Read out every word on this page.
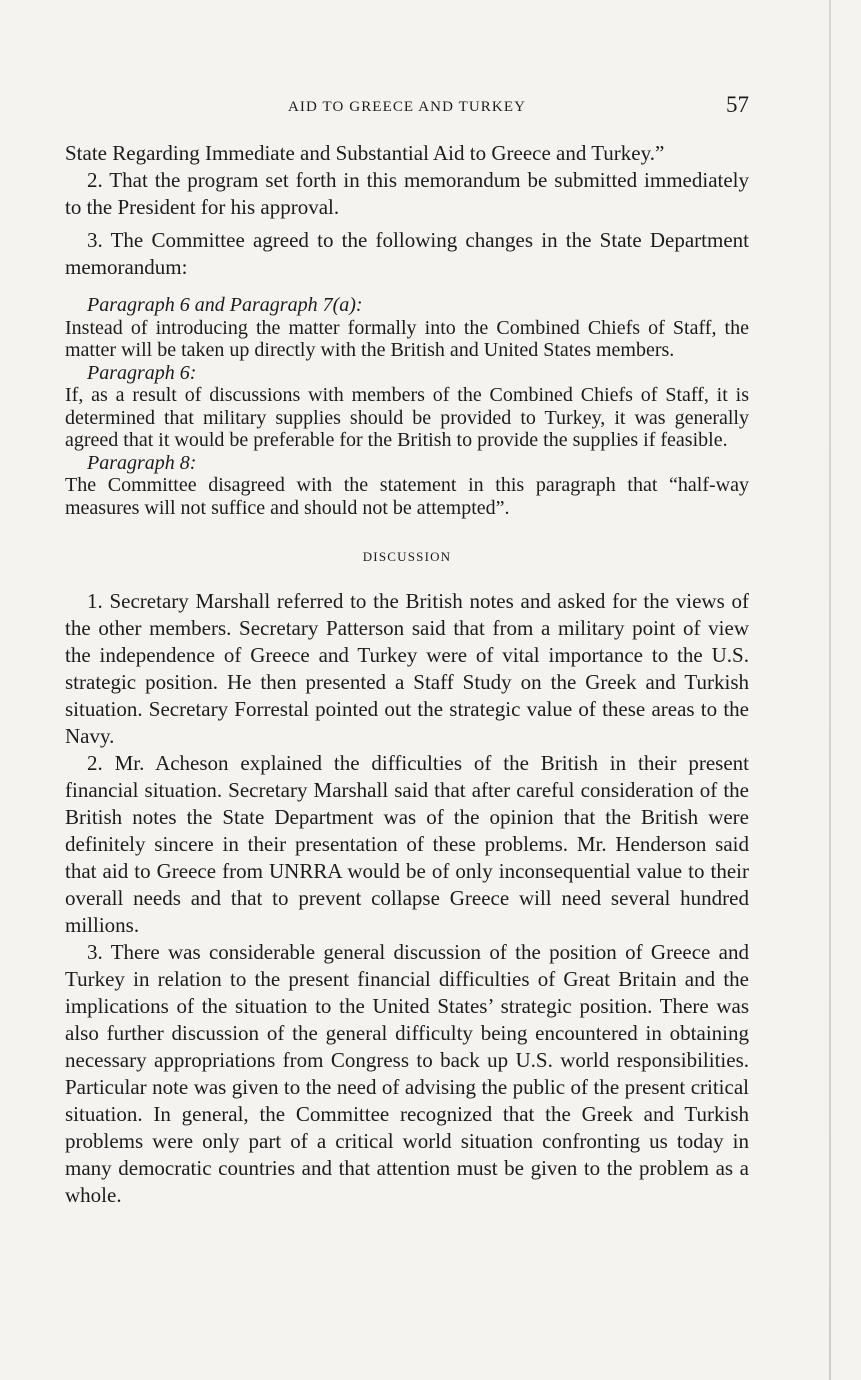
AID TO GREECE AND TURKEY	57

State Regarding Immediate and Substantial Aid to Greece and Turkey.”

2. That the program set forth in this memorandum be submitted immediately to the President for his approval.

3. The Committee agreed to the following changes in the State Department memorandum:

Paragraph 6 and Paragraph 7(a):
Instead of introducing the matter formally into the Combined Chiefs of Staff, the matter will be taken up directly with the British and United States members.
Paragraph 6:
If, as a result of discussions with members of the Combined Chiefs of Staff, it is determined that military supplies should be provided to Turkey, it was generally agreed that it would be preferable for the British to provide the supplies if feasible.
Paragraph 8:
The Committee disagreed with the statement in this paragraph that “half-way measures will not suffice and should not be attempted”.
DISCUSSION

1. Secretary Marshall referred to the British notes and asked for the views of the other members. Secretary Patterson said that from a military point of view the independence of Greece and Turkey were of vital importance to the U.S. strategic position. He then presented a Staff Study on the Greek and Turkish situation. Secretary Forrestal pointed out the strategic value of these areas to the Navy.

2. Mr. Acheson explained the difficulties of the British in their present financial situation. Secretary Marshall said that after careful consideration of the British notes the State Department was of the opinion that the British were definitely sincere in their presentation of these problems. Mr. Henderson said that aid to Greece from UNRRA would be of only inconsequential value to their overall needs and that to prevent collapse Greece will need several hundred millions.

3. There was considerable general discussion of the position of Greece and Turkey in relation to the present financial difficulties of Great Britain and the implications of the situation to the United States’ strategic position. There was also further discussion of the general difficulty being encountered in obtaining necessary appropriations from Congress to back up U.S. world responsibilities. Particular note was given to the need of advising the public of the present critical situation. In general, the Committee recognized that the Greek and Turkish problems were only part of a critical world situation confronting us today in many democratic countries and that attention must be given to the problem as a whole.
